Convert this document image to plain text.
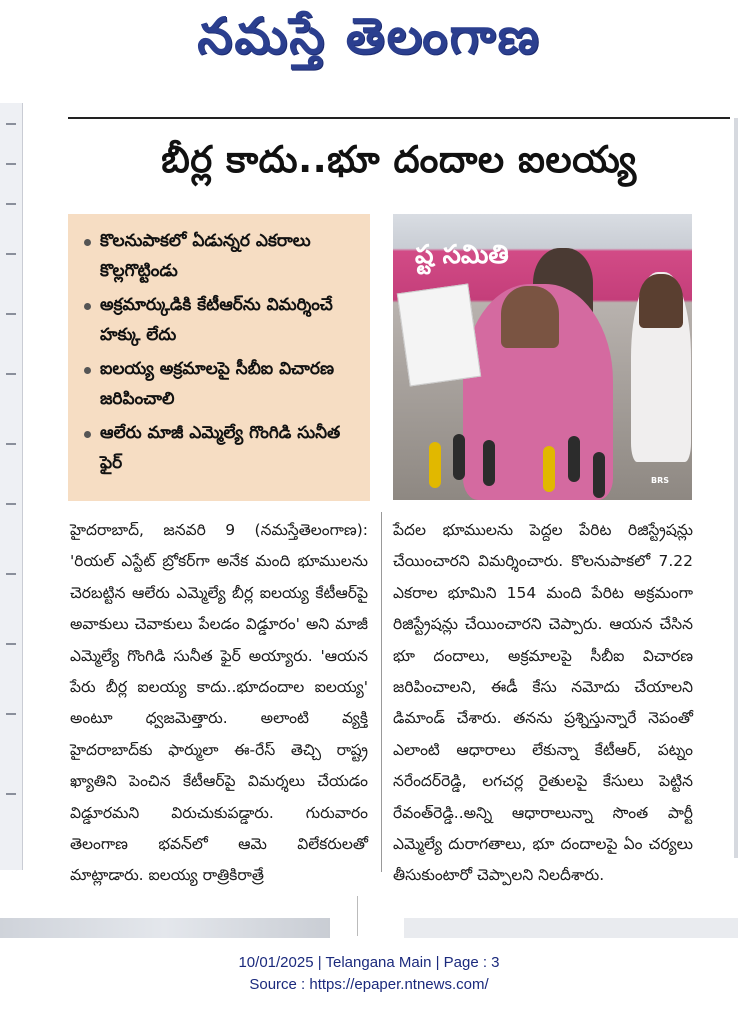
నమస్తే తెలంగాణ
బీర్ల కాదు..భూ దందాల ఐలయ్య
కొలనుపాకలో ఏడున్నర ఎకరాలు కొల్లగొట్టిండు
అక్రమార్కుడికి కేటీఆర్‌ను విమర్శించే హక్కు లేదు
ఐలయ్య అక్రమాలపై సీబీఐ విచారణ జరిపించాలి
ఆలేరు మాజీ ఎమ్మెల్యే గొంగిడి సునీత ఫైర్
ష్ట సమితి
BRS
హైదరాబాద్, జనవరి 9 (నమస్తేతెలంగాణ): 'రియల్ ఎస్టేట్ బ్రోకర్‌గా అనేక మంది భూములను చెరబట్టిన ఆలేరు ఎమ్మెల్యే బీర్ల ఐలయ్య కేటీఆర్‌పై అవాకులు చెవాకులు పేలడం విడ్డూరం' అని మాజీ ఎమ్మెల్యే గొంగిడి సునీత ఫైర్ అయ్యారు. 'ఆయన పేరు బీర్ల ఐలయ్య కాదు..భూదందాల ఐలయ్య' అంటూ ధ్వజమెత్తారు. అలాంటి వ్యక్తి హైదరాబాద్‌కు ఫార్ములా ఈ-రేస్ తెచ్చి రాష్ట్ర ఖ్యాతిని పెంచిన కేటీఆర్‌పై విమర్శలు చేయడం విడ్డూరమని విరుచుకుపడ్డారు. గురువారం తెలంగాణ భవన్‌లో ఆమె విలేకరులతో మాట్లాడారు. ఐలయ్య రాత్రికిరాత్రే
పేదల భూములను పెద్దల పేరిట రిజిస్ట్రేషన్లు చేయించారని విమర్శించారు. కొలనుపాకలో 7.22 ఎకరాల భూమిని 154 మంది పేరిట అక్రమంగా రిజిస్ట్రేషన్లు చేయించారని చెప్పారు. ఆయన చేసిన భూ దందాలు, అక్రమాలపై సీబీఐ విచారణ జరిపించాలని, ఈడీ కేసు నమోదు చేయాలని డిమాండ్ చేశారు. తనను ప్రశ్నిస్తున్నారే నెపంతో ఎలాంటి ఆధారాలు లేకున్నా కేటీఆర్, పట్నం నరేందర్‌రెడ్డి, లగచర్ల రైతులపై కేసులు పెట్టిన రేవంత్‌రెడ్డి..అన్ని ఆధారాలున్నా సొంత పార్టీ ఎమ్మెల్యే దురాగతాలు, భూ దందాలపై ఏం చర్యలు తీసుకుంటారో చెప్పాలని నిలదీశారు.
10/01/2025 | Telangana Main | Page : 3
Source : https://epaper.ntnews.com/
